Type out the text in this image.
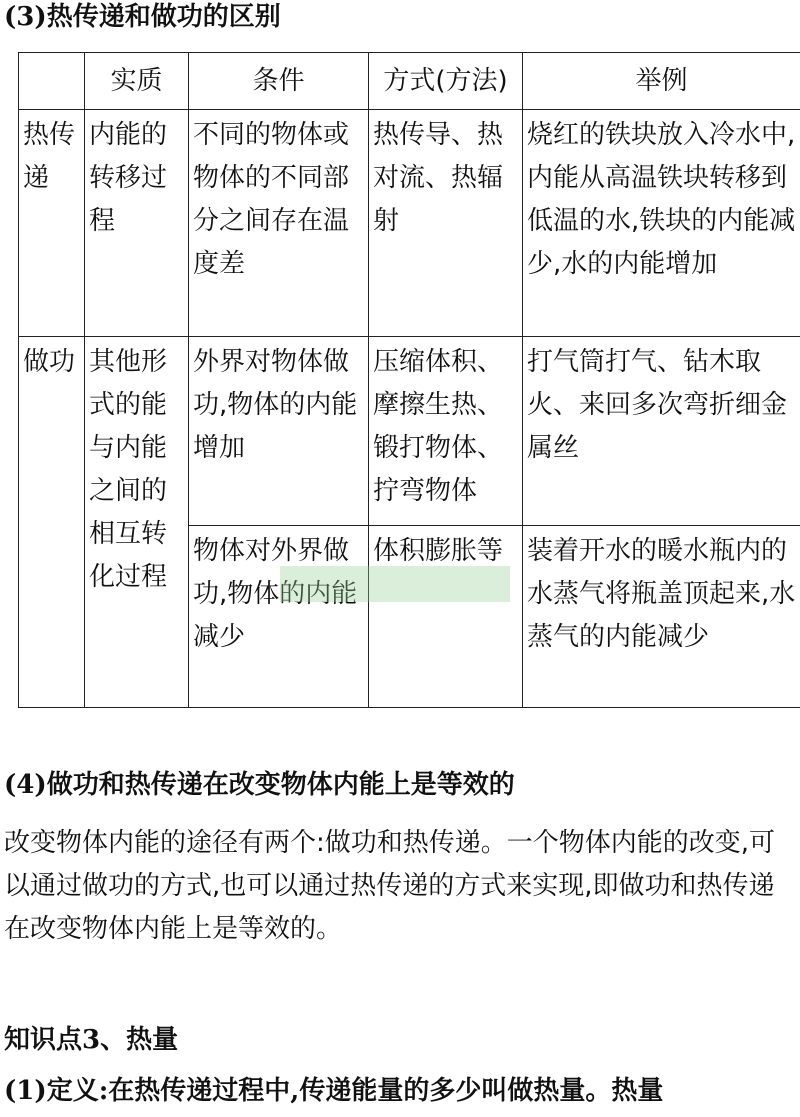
(3)热传递和做功的区别
	实质	条件	方式(方法)	举例
热传递	内能的转移过程	不同的物体或物体的不同部分之间存在温度差	热传导、热对流、热辐射	烧红的铁块放入冷水中,内能从高温铁块转移到低温的水,铁块的内能减少,水的内能增加
做功	其他形式的能与内能之间的相互转化过程	外界对物体做功,物体的内能增加	压缩体积、摩擦生热、锻打物体、拧弯物体	打气筒打气、钻木取火、来回多次弯折细金属丝
		物体对外界做功,物体的内能减少	体积膨胀等	装着开水的暖水瓶内的水蒸气将瓶盖顶起来,水蒸气的内能减少
(4)做功和热传递在改变物体内能上是等效的
改变物体内能的途径有两个:做功和热传递。一个物体内能的改变,可以通过做功的方式,也可以通过热传递的方式来实现,即做功和热传递在改变物体内能上是等效的。
知识点3、热量
(1)定义:在热传递过程中,传递能量的多少叫做热量。热量
